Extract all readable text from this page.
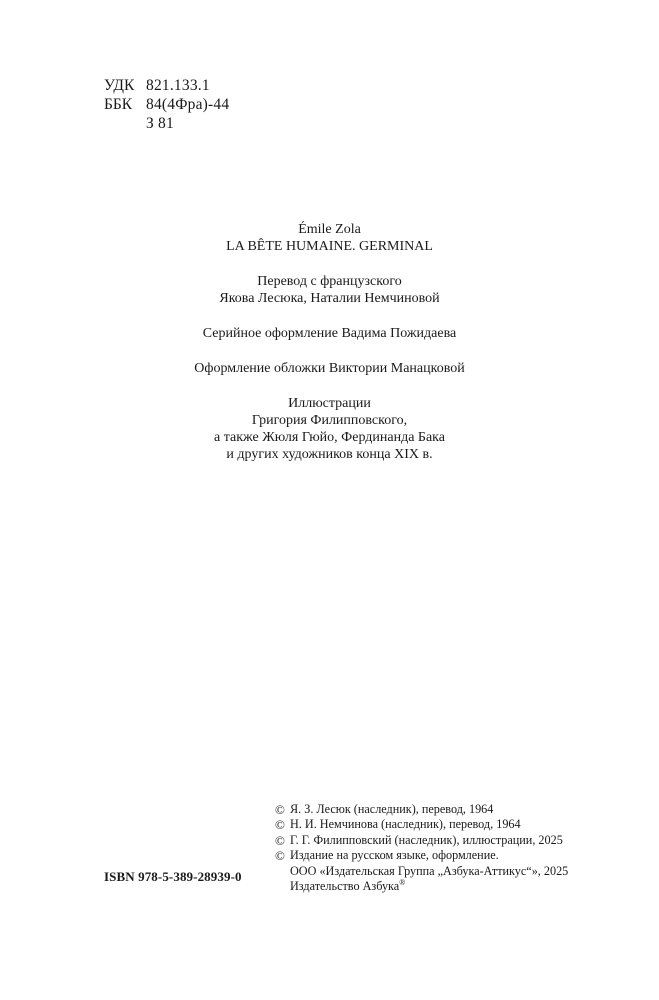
УДК 821.133.1
ББК 84(4Фра)-44
З 81
Émile Zola
LA BÊTE HUMAINE. GERMINAL
Перевод с французского
Якова Лесюка, Наталии Немчиновой
Серийное оформление Вадима Пожидаева
Оформление обложки Виктории Манацковой
Иллюстрации
Григория Филипповского,
а также Жюля Гюйо, Фердинанда Бака
и других художников конца XIX в.
© Я. З. Лесюк (наследник), перевод, 1964
© Н. И. Немчинова (наследник), перевод, 1964
© Г. Г. Филипповский (наследник), иллюстрации, 2025
© Издание на русском языке, оформление.
ООО «Издательская Группа „Азбука-Аттикус“», 2025
Издательство Азбука®
ISBN 978-5-389-28939-0
